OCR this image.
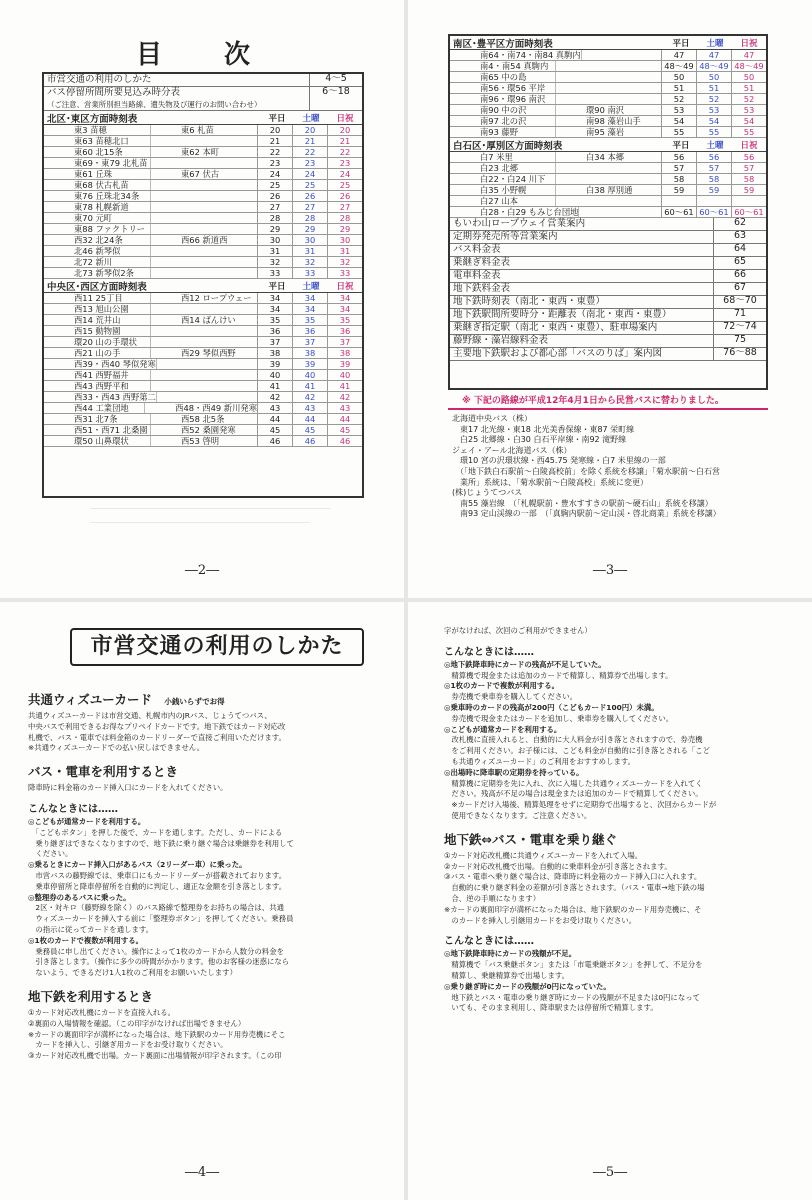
目　次
市営交通の利用のしかた	4～5
バス停留所間所要見込み時分表	6～18
（ご注意、営業所別担当路線、遺失物及び運行のお問い合わせ）
北区･東区方面時刻表	平日	土曜	日祝
東3 苗穂	東6 札苗	20	20	20
東63 苗穂北口	21	21	21
東60 北15条	東62 本町	22	22	22
東69・東79 北札苗	23	23	23
東61 丘珠	東67 伏古	24	24	24
東68 伏古札苗	25	25	25
東76 丘珠北34条	26	26	26
東78 札幌新道	27	27	27
東70 元町	28	28	28
東88 ファクトリー	29	29	29
西32 北24条	西66 新道西	30	30	30
北46 新琴似	31	31	31
北72 新川	32	32	32
北73 新琴似2条	33	33	33
中央区･西区方面時刻表	平日	土曜	日祝
西11 25丁目	西12 ロープウェー	34	34	34
西13 旭山公園	34	34	34
西14 荒井山	西14 ばんけい	35	35	35
西15 動物園	36	36	36
環20 山の手環状	37	37	37
西21 山の手	西29 琴似西野	38	38	38
西39・西40 琴似発寒	39	39	39
西41 西野福井	40	40	40
西43 西野平和	41	41	41
西33・西43 西野第二	42	42	42
西44 工業団地	西48・西49 新川発寒	43	43	43
西31 北7条	西58 北5条	44	44	44
西51・西71 北桑園	西52 桑園発寒	45	45	45
環50 山鼻環状	西53 啓明	46	46	46
―2―
南区･豊平区方面時刻表	平日	土曜	日祝
南64・南74・南84 真駒内	47	47	47
南4・南54 真駒内	48～49 48～49 48～49
南65 中の島	50	50	50
南56・環56 平岸	51	51	51
南96・環96 南沢	52	52	52
南90 中の沢	環90 南沢	53	53	53
南97 北の沢	南98 藻岩山手	54	54	54
南93 藤野	南95 藻岩	55	55	55
白石区･厚別区方面時刻表	平日	土曜	日祝
白7 米里	白34 本郷	56	56	56
白23 北郷	57	57	57
白22・白24 川下	58	58	58
白35 小野幌	白38 厚別通	59	59	59
白27 山本
白28・白29 もみじ台団地	60～61 60～61 60～61
もいわ山ロープウェイ営業案内	62
定期券発売所等営業案内	63
バス料金表	64
乗継ぎ料金表	65
電車料金表	66
地下鉄料金表	67
地下鉄時刻表（南北・東西・東豊）	68～70
地下鉄駅間所要時分・距離表（南北・東西・東豊）	71
乗継ぎ指定駅（南北・東西・東豊）、駐車場案内	72～74
藤野線・藻岩線料金表	75
主要地下鉄駅および都心部「バスのりば」案内図	76～88
※ 下記の路線が平成12年4月1日から民営バスに替わりました。
北海道中央バス（株）
　東17 北光線・東18 北光美香保線・東87 栄町線
　白25 北郷線・白30 白石平岸線・南92 滝野線
ジェイ・アール北海道バス（株）
　環10 宮の沢環状線・西45.75 発寒線・白7 米里線の一部
　（「地下鉄白石駅前～白陵高校前」を除く系統を移譲」「菊水駅前～白石営
　業所」系統は、「菊水駅前～白陵高校」系統に変更）
(株)じょうてつバス
　南55 藻岩線　（「札幌駅前・豊水すすきの駅前～硬石山」系統を移譲）
　南93 定山渓線の一部　（「真駒内駅前～定山渓・啓北商業」系統を移譲）
―3―
市営交通の利用のしかた
共通ウィズユーカード 小銭いらずでお得
共通ウィズユーカードは市営交通、札幌市内のJRバス、じょうてつバス、
中央バスで利用できるお得なプリペイドカードです。地下鉄ではカード対応改
札機で、バス・電車では料金箱のカードリーダーで直接ご利用いただけます。
※共通ウィズユーカードでの払い戻しはできません。
バス・電車を利用するとき
降車時に料金箱のカード挿入口にカードを入れてください。
こんなときには……
◎こどもが通常カードを利用する。
　「こどもボタン」を押した後で、カードを通します。ただし、カードによる
　乗り継ぎはできなくなりますので、地下鉄に乗り継ぐ場合は乗継券を利用して
　ください。
◎乗るときにカード挿入口があるバス（2リーダー車）に乗った。
　市営バスの藤野線では、乗車口にもカードリーダーが搭載されております。
　乗車停留所と降車停留所を自動的に判定し、適正な金額を引き落とします。
◎整理券のあるバスに乗った。
　2区・対キロ（藤野線を除く）のバス路線で整理券をお持ちの場合は、共通
　ウィズユーカードを挿入する前に「整理券ボタン」を押してください。乗務員
　の指示に従ってカードを通します。
◎1枚のカードで複数が利用する。
　乗務員に申し出てください。操作によって1枚のカードから人数分の料金を
　引き落とします。（操作に多少の時間がかかります。他のお客様の迷惑になら
　ないよう、できるだけ1人1枚のご利用をお願いいたします）
地下鉄を利用するとき
①カード対応改札機にカードを直接入れる。
②裏面の入場情報を確認。（この印字がなければ出場できません）
※カードの裏面印字が満杯になった場合は、地下鉄駅のカード用券売機にそこ
　カードを挿入し、引継ぎ用カードをお受け取りください。
③カード対応改札機で出場。カード裏面に出場情報が印字されます。（この印
―4―
字がなければ、次回のご利用ができません）
こんなときには……
◎地下鉄降車時にカードの残高が不足していた。
　精算機で現金または追加のカードで精算し、精算券で出場します。
◎1枚のカードで複数が利用する。
　券売機で乗車券を購入してください。
◎乗車時のカードの残高が200円（こどもカード100円）未満。
　券売機で現金またはカードを追加し、乗車券を購入してください。
◎こどもが通常カードを利用する。
　改札機に直接入れると、自動的に大人料金が引き落とされますので、券売機
　をご利用ください。お子様には、こども料金が自動的に引き落とされる「こど
　も共通ウィズユーカード」のご利用をおすすめします。
◎出場時に降車駅の定期券を持っている。
　精算機に定期券を先に入れ、次に入場した共通ウィズユーカードを入れてく
　ださい。残高が不足の場合は現金または追加のカードで精算してください。
　※カードだけ入場後、精算処理をせずに定期券で出場すると、次回からカードが
　使用できなくなります。ご注意ください。
地下鉄⇔バス・電車を乗り継ぐ
①カード対応改札機に共通ウィズユーカードを入れて入場。
②カード対応改札機で出場。自動的に乗車料金が引き落とされます。
③バス・電車へ乗り継ぐ場合は、降車時に料金箱のカード挿入口に入れます。
　自動的に乗り継ぎ料金の差額が引き落とされます。（バス・電車→地下鉄の場
　合、逆の手順になります）
※カードの裏面印字が満杯になった場合は、地下鉄駅のカード用券売機に、そ
　のカードを挿入し引継用カードをお受け取りください。
こんなときには……
◎地下鉄降車時にカードの残額が不足。
　精算機で「バス乗継ボタン」または「市電乗継ボタン」を押して、不足分を
　精算し、乗継精算券で出場します。
◎乗り継ぎ時にカードの残額が0円になっていた。
　地下鉄とバス・電車の乗り継ぎ時にカードの残額が不足または0円になって
　いても、そのまま利用し、降車駅または停留所で精算します。
―5―
